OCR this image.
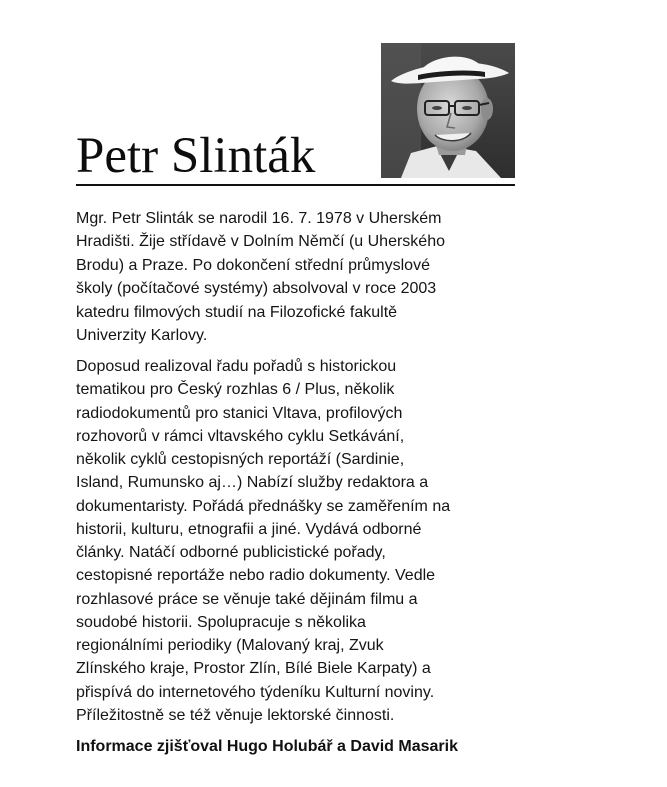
Petr Slinták

Mgr. Petr Slinták se narodil 16. 7. 1978 v Uherském
Hradišti. Žije střídavě v Dolním Němčí (u Uherského
Brodu) a Praze. Po dokončení střední průmyslové
školy (počítačové systémy) absolvoval v roce 2003
katedru filmových studií na Filozofické fakultě
Univerzity Karlovy.

Doposud realizoval řadu pořadů s historickou
tematikou pro Český rozhlas 6 / Plus, několik
radiodokumentů pro stanici Vltava, profilových
rozhovorů v rámci vltavského cyklu Setkávání,
několik cyklů cestopisných reportáží (Sardinie,
Island, Rumunsko aj…) Nabízí služby redaktora a
dokumentaristy. Pořádá přednášky se zaměřením na
historii, kulturu, etnografii a jiné. Vydává odborné
články. Natáčí odborné publicistické pořady,
cestopisné reportáže nebo radio dokumenty. Vedle
rozhlasové práce se věnuje také dějinám filmu a
soudobé historii. Spolupracuje s několika
regionálními periodiky (Malovaný kraj, Zvuk
Zlínského kraje, Prostor Zlín, Bílé Biele Karpaty) a
přispívá do internetového týdeníku Kulturní noviny.
Příležitostně se též věnuje lektorské činnosti.

Informace zjišťoval Hugo Holubář a David Masarik
